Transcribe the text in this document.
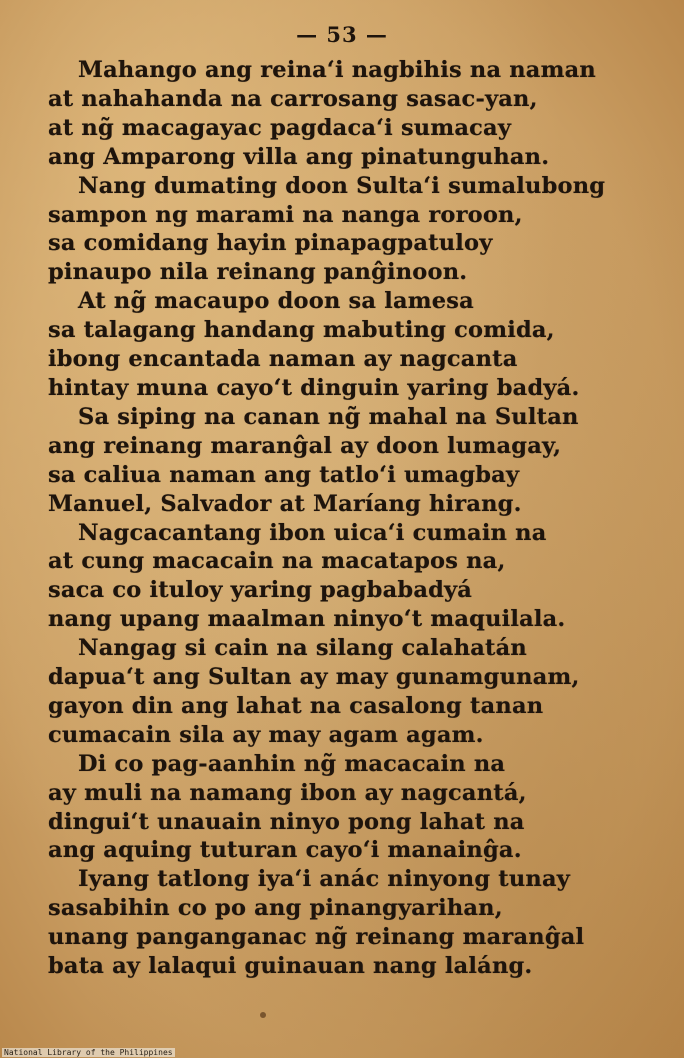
— 53 —
Mahango ang reina‘i nagbihis na naman
at nahahanda na carrosang sasac-yan,
at ng̃ macagayac pagdaca‘i sumacay
ang Amparong villa ang pinatunguhan.
Nang dumating doon Sulta‘i sumalubong
sampon ng marami na nanga roroon,
sa comidang hayin pinapagpatuloy
pinaupo nila reinang panĝinoon.
At ng̃ macaupo doon sa lamesa
sa talagang handang mabuting comida,
ibong encantada naman ay nagcanta
hintay muna cayo‘t dinguin yaring badyá.
Sa siping na canan ng̃ mahal na Sultan
ang reinang maranĝal ay doon lumagay,
sa caliua naman ang tatlo‘i umagbay
Manuel, Salvador at Maríang hirang.
Nagcacantang ibon uica‘i cumain na
at cung macacain na macatapos na,
saca co ituloy yaring pagbabadyá
nang upang maalman ninyo‘t maquilala.
Nangag si cain na silang calahatán
dapua‘t ang Sultan ay may gunamgunam,
gayon din ang lahat na casalong tanan
cumacain sila ay may agam agam.
Di co pag-aanhin ng̃ macacain na
ay muli na namang ibon ay nagcantá,
dingui‘t unauain ninyo pong lahat na
ang aquing tuturan cayo‘i manainĝa.
Iyang tatlong iya‘i anác ninyong tunay
sasabihin co po ang pinangyarihan,
unang panganganac ng̃ reinang maranĝal
bata ay lalaqui guinauan nang laláng.
National Library of the Philippines
